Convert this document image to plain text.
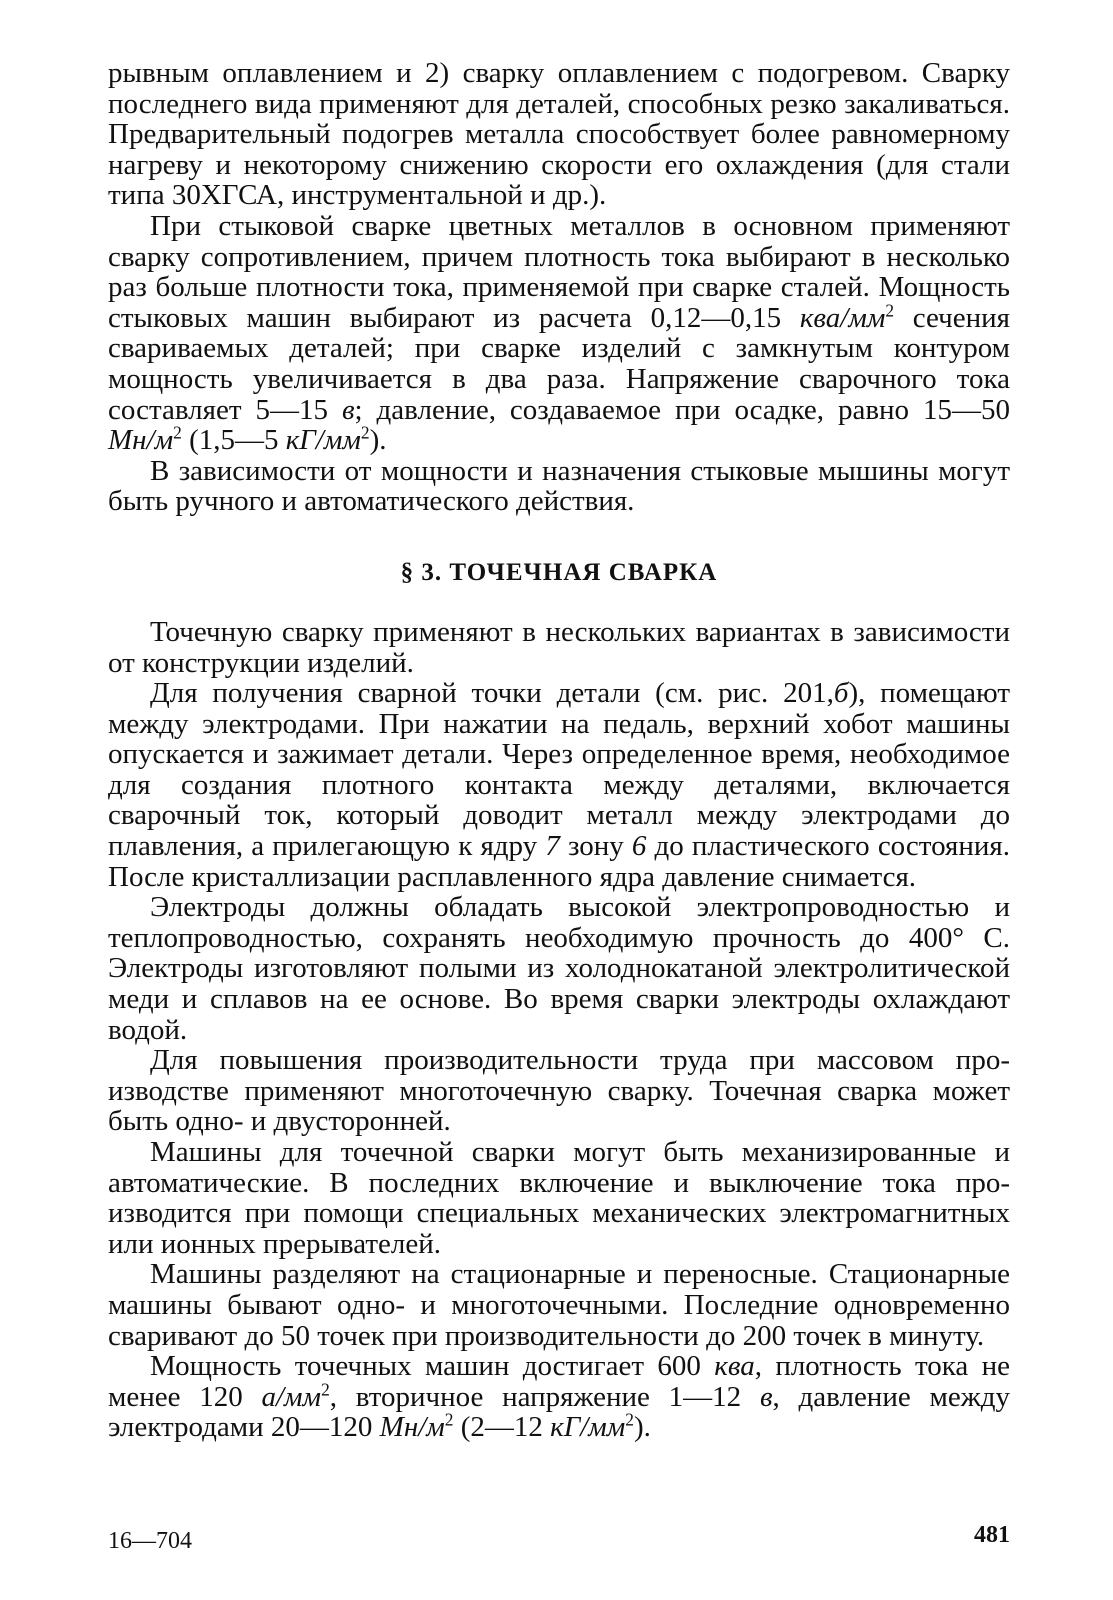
рывным оплавлением и 2) сварку оплавлением с подогревом. Сварку последнего вида применяют для деталей, способных резко закаливаться. Предварительный подогрев металла способствует более равномерному нагреву и некоторому снижению скорости его охлаждения (для стали типа 30ХГСА, инструментальной и др.).

При стыковой сварке цветных металлов в основном применяют сварку сопротивлением, причем плотность тока выбирают в несколько раз больше плотности тока, применяемой при сварке сталей. Мощность стыковых машин выбирают из расчета 0,12—0,15 ква/$мм^2$ сечения свариваемых деталей; при сварке изделий с замкнутым контуром мощность увеличивается в два раза. Напряжение сварочного тока составляет 5—15 в; давление, создаваемое при осадке, равно 15—50 $Мн/м^2$ (1,5—5 $кГ/мм^2$).

В зависимости от мощности и назначения стыковые мышины могут быть ручного и автоматического действия.

§ 3. ТОЧЕЧНАЯ СВАРКА

Точечную сварку применяют в нескольких вариантах в зависимости от конструкции изделий.

Для получения сварной точки детали (см. рис. 201,б), помещают между электродами. При нажатии на педаль, верхний хобот машины опускается и зажимает детали. Через определенное время, необходимое для создания плотного контакта между деталями, включается сварочный ток, который доводит металл между электродами до плавления, а прилегающую к ядру 7 зону 6 до пластического состояния. После кристаллизации расплавленного ядра давление снимается.

Электроды должны обладать высокой электропроводностью и теплопроводностью, сохранять необходимую прочность до 400° С. Электроды изготовляют полыми из холоднокатаной электролитической меди и сплавов на ее основе. Во время сварки электроды охлаждают водой.

Для повышения производительности труда при массовом производстве применяют многоточечную сварку. Точечная сварка может быть одно- и двусторонней.

Машины для точечной сварки могут быть механизированные и автоматические. В последних включение и выключение тока производится при помощи специальных механических электромагнитных или ионных прерывателей.

Машины разделяют на стационарные и переносные. Стационарные машины бывают одно- и многоточечными. Последние одновременно сваривают до 50 точек при производительности до 200 точек в минуту.

Мощность точечных машин достигает 600 ква, плотность тока не менее 120 $а/мм^2$, вторичное напряжение 1—12 в, давление между электродами 20—120 $Мн/м^2$ (2—12 $кГ/мм^2$).

16—704	481
